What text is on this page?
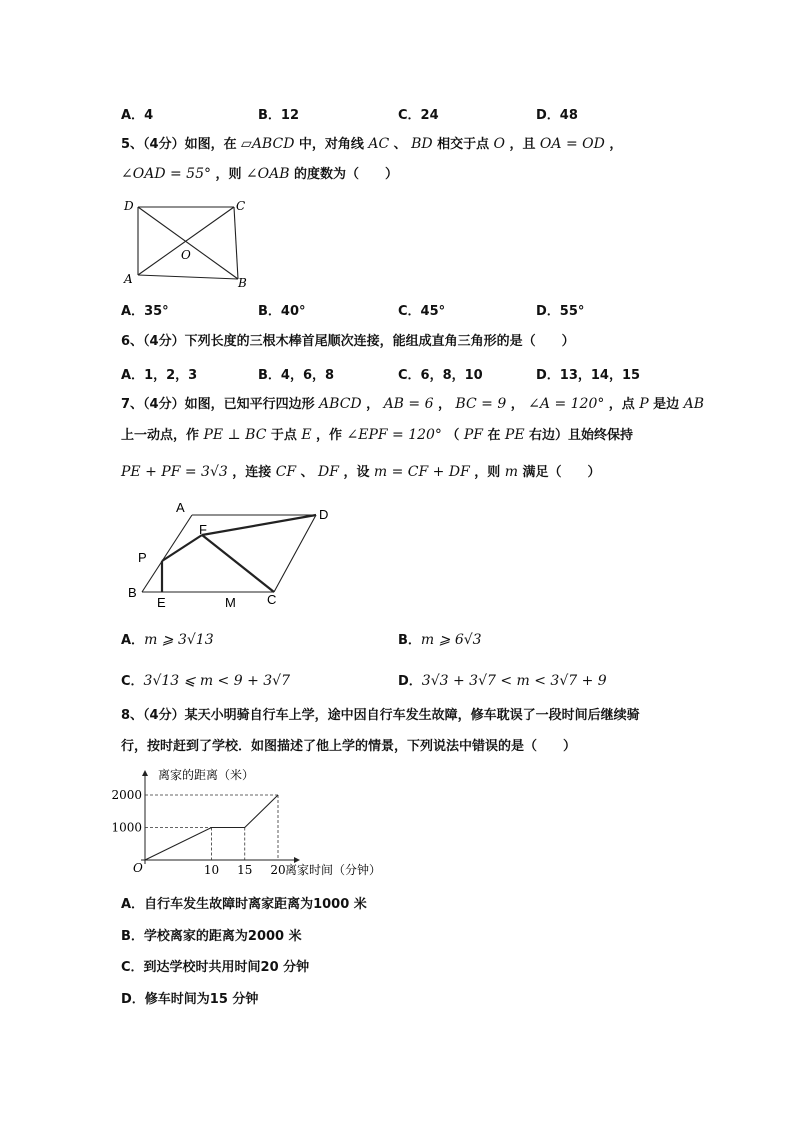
A．4	B．12	C．24	D．48
5、（4分）如图，在 ▱ABCD 中，对角线 AC 、 BD 相交于点 O ，且 OA = OD ，
∠OAD = 55° ，则 ∠OAB 的度数为（　　）
D	C
O
A	B
A．35°	B．40°	C．45°	D．55°
6、（4分）下列长度的三根木棒首尾顺次连接，能组成直角三角形的是（　　）
A．1，2，3	B．4，6，8	C．6，8，10	D．13，14，15
7、（4分）如图，已知平行四边形 ABCD ， AB = 6 ， BC = 9 ， ∠A = 120° ，点 P 是边 AB
上一动点，作 PE ⊥ BC 于点 E ，作 ∠EPF = 120° （ PF 在 PE 右边）且始终保持
PE + PF = 3√3 ，连接 CF 、 DF ，设 m = CF + DF ，则 m 满足（　　）
A
F
D
P
B
E	M C
A．m ⩾ 3√13	B．m ⩾ 6√3
C．3√13 ⩽ m < 9 + 3√7	D．3√3 + 3√7 < m < 3√7 + 9
8、（4分）某天小明骑自行车上学，途中因自行车发生故障，修车耽误了一段时间后继续骑
行，按时赶到了学校．如图描述了他上学的情景，下列说法中错误的是（　　）
10 15 20
1000
2000
O
离家的距离（米）
离家时间（分钟）
A．自行车发生故障时离家距离为1000 米
B．学校离家的距离为2000 米
C．到达学校时共用时间20 分钟
D．修车时间为15 分钟
